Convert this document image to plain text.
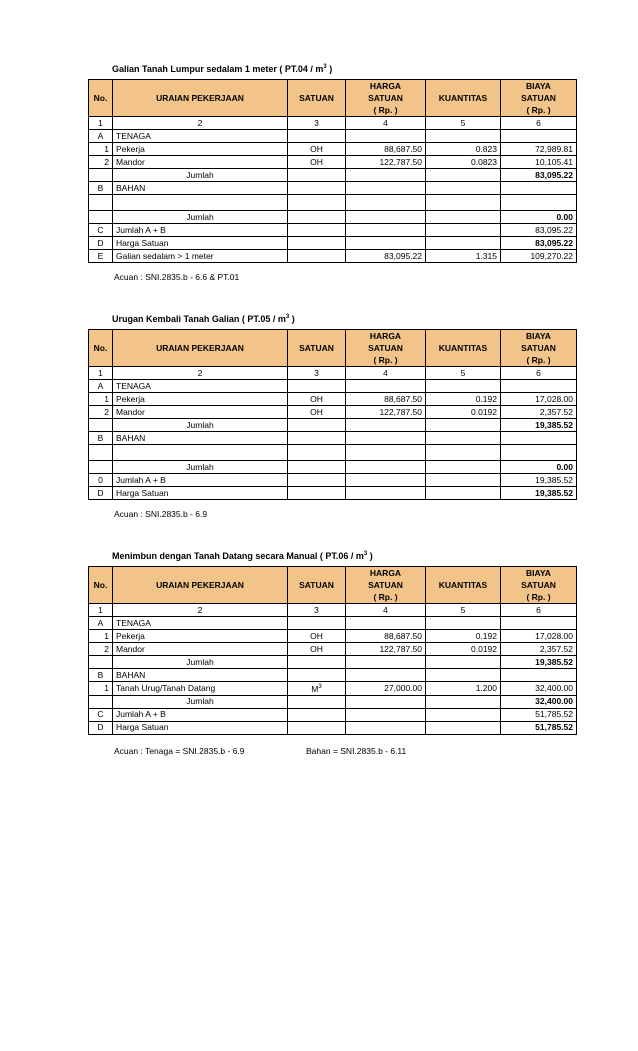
Galian Tanah Lumpur sedalam 1 meter ( $PT.04 / m^3$ )
			HARGA		BIAYA
No.	URAIAN PEKERJAAN	SATUAN	SATUAN	KUANTITAS	SATUAN
			( Rp. )		( Rp. )
1	2	3	4	5	6
A	TENAGA				
1	Pekerja	OH	88,687.50	0.823	72,989.81
2	Mandor	OH	122,787.50	0.0823	10,105.41
	Jumlah				83,095.22
B	BAHAN				

	Jumlah				0.00
C	Jumlah A + B				83,095.22
D	Harga Satuan				83,095.22
E	Galian sedalam > 1 meter		83,095.22	1.315	109,270.22
Acuan : SNI.2835.b - 6.6 & PT.01
Urugan Kembali Tanah Galian ( $PT.05 / m^3$ )
			HARGA		BIAYA
No.	URAIAN PEKERJAAN	SATUAN	SATUAN	KUANTITAS	SATUAN
			( Rp. )		( Rp. )
1	2	3	4	5	6
A	TENAGA				
1	Pekerja	OH	88,687.50	0.192	17,028.00
2	Mandor	OH	122,787.50	0.0192	2,357.52
	Jumlah				19,385.52
B	BAHAN				

	Jumlah				0.00
0	Jumlah A + B				19,385.52
D	Harga Satuan				19,385.52
Acuan : SNI.2835.b - 6.9
Menimbun dengan Tanah Datang secara Manual ( $PT.06 / m^3$ )
			HARGA		BIAYA
No.	URAIAN PEKERJAAN	SATUAN	SATUAN	KUANTITAS	SATUAN
			( Rp. )		( Rp. )
1	2	3	4	5	6
A	TENAGA				
1	Pekerja	OH	88,687.50	0.192	17,028.00
2	Mandor	OH	122,787.50	0.0192	2,357.52
	Jumlah				19,385.52
B	BAHAN				
1	Tanah Urug/Tanah Datang	$M^3$	27,000.00	1.200	32,400.00
	Jumlah				32,400.00
C	Jumlah A + B				51,785.52
D	Harga Satuan				51,785.52
Acuan : Tenaga = SNI.2835.b - 6.9	Bahan = SNI.2835.b - 6.11
